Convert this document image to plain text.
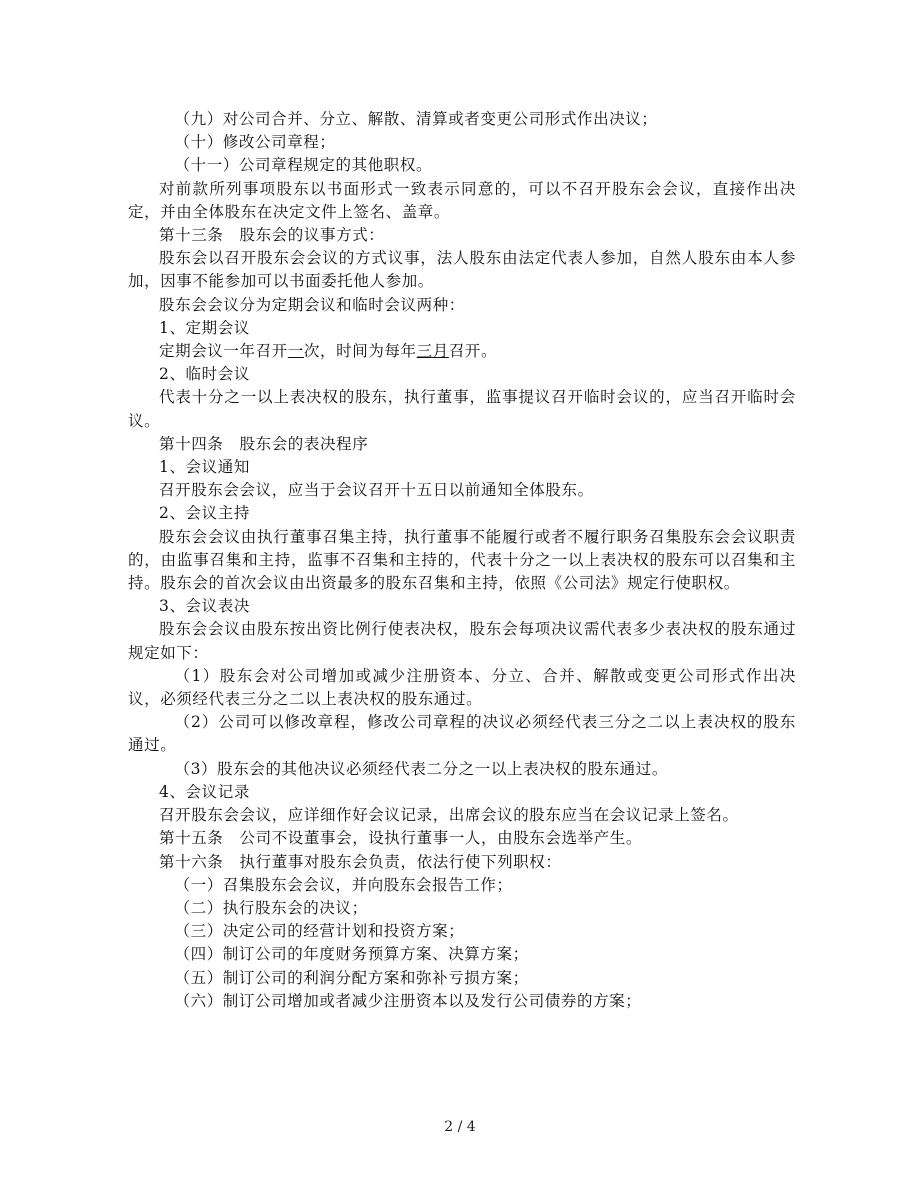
（九）对公司合并、分立、解散、清算或者变更公司形式作出决议；

（十）修改公司章程；

（十一）公司章程规定的其他职权。

对前款所列事项股东以书面形式一致表示同意的，可以不召开股东会会议，直接作出决定，并由全体股东在决定文件上签名、盖章。

第十三条　股东会的议事方式：

股东会以召开股东会会议的方式议事，法人股东由法定代表人参加，自然人股东由本人参加，因事不能参加可以书面委托他人参加。

股东会会议分为定期会议和临时会议两种：

1、定期会议

定期会议一年召开一次，时间为每年三月召开。

2、临时会议

代表十分之一以上表决权的股东，执行董事，监事提议召开临时会议的，应当召开临时会议。

第十四条　股东会的表决程序

1、会议通知

召开股东会会议，应当于会议召开十五日以前通知全体股东。

2、会议主持

股东会会议由执行董事召集主持，执行董事不能履行或者不履行职务召集股东会会议职责的，由监事召集和主持，监事不召集和主持的，代表十分之一以上表决权的股东可以召集和主持。股东会的首次会议由出资最多的股东召集和主持，依照《公司法》规定行使职权。

3、会议表决

股东会会议由股东按出资比例行使表决权，股东会每项决议需代表多少表决权的股东通过规定如下：

（1）股东会对公司增加或减少注册资本、分立、合并、解散或变更公司形式作出决议，必须经代表三分之二以上表决权的股东通过。

（2）公司可以修改章程，修改公司章程的决议必须经代表三分之二以上表决权的股东通过。

（3）股东会的其他决议必须经代表二分之一以上表决权的股东通过。

4、会议记录

召开股东会会议，应详细作好会议记录，出席会议的股东应当在会议记录上签名。

第十五条　公司不设董事会，设执行董事一人，由股东会选举产生。

第十六条　执行董事对股东会负责，依法行使下列职权：

（一）召集股东会会议，并向股东会报告工作；

（二）执行股东会的决议；

（三）决定公司的经营计划和投资方案；

（四）制订公司的年度财务预算方案、决算方案；

（五）制订公司的利润分配方案和弥补亏损方案；

（六）制订公司增加或者减少注册资本以及发行公司债券的方案；

2 / 4
